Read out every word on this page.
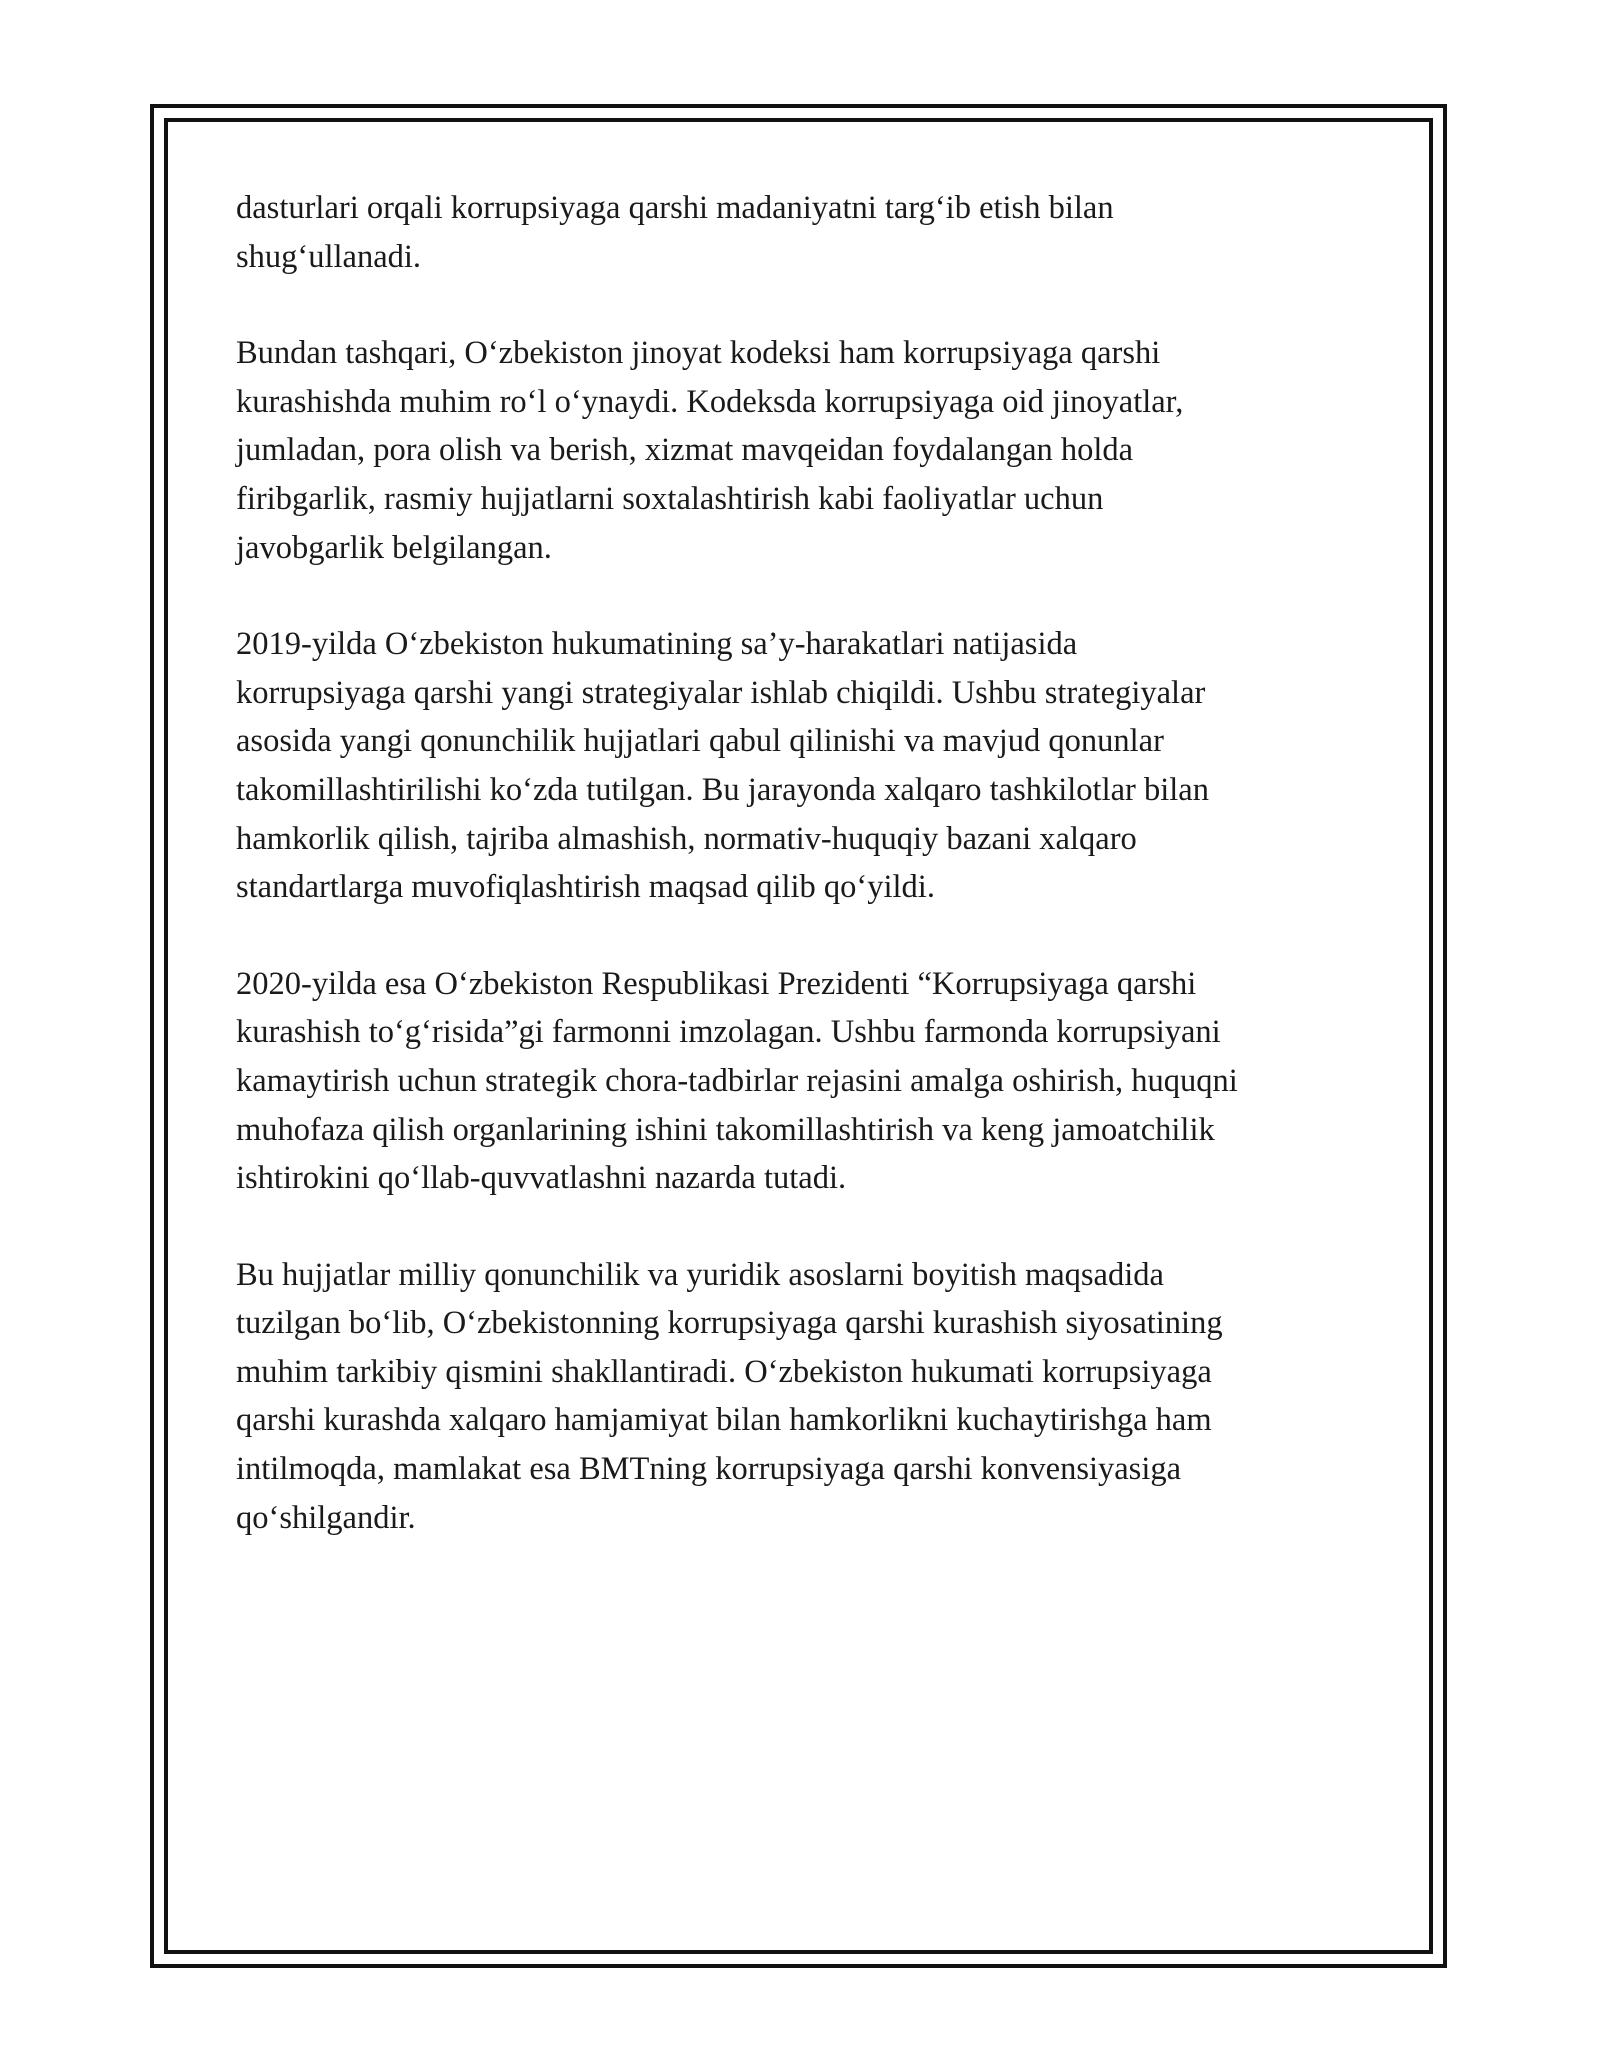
dasturlari orqali korrupsiyaga qarshi madaniyatni targ‘ib etish bilan
shug‘ullanadi.

Bundan tashqari, O‘zbekiston jinoyat kodeksi ham korrupsiyaga qarshi
kurashishda muhim ro‘l o‘ynaydi. Kodeksda korrupsiyaga oid jinoyatlar,
jumladan, pora olish va berish, xizmat mavqeidan foydalangan holda
firibgarlik, rasmiy hujjatlarni soxtalashtirish kabi faoliyatlar uchun
javobgarlik belgilangan.

2019-yilda O‘zbekiston hukumatining sa’y-harakatlari natijasida
korrupsiyaga qarshi yangi strategiyalar ishlab chiqildi. Ushbu strategiyalar
asosida yangi qonunchilik hujjatlari qabul qilinishi va mavjud qonunlar
takomillashtirilishi ko‘zda tutilgan. Bu jarayonda xalqaro tashkilotlar bilan
hamkorlik qilish, tajriba almashish, normativ-huquqiy bazani xalqaro
standartlarga muvofiqlashtirish maqsad qilib qo‘yildi.

2020-yilda esa O‘zbekiston Respublikasi Prezidenti “Korrupsiyaga qarshi
kurashish to‘g‘risida”gi farmonni imzolagan. Ushbu farmonda korrupsiyani
kamaytirish uchun strategik chora-tadbirlar rejasini amalga oshirish, huquqni
muhofaza qilish organlarining ishini takomillashtirish va keng jamoatchilik
ishtirokini qo‘llab-quvvatlashni nazarda tutadi.

Bu hujjatlar milliy qonunchilik va yuridik asoslarni boyitish maqsadida
tuzilgan bo‘lib, O‘zbekistonning korrupsiyaga qarshi kurashish siyosatining
muhim tarkibiy qismini shakllantiradi. O‘zbekiston hukumati korrupsiyaga
qarshi kurashda xalqaro hamjamiyat bilan hamkorlikni kuchaytirishga ham
intilmoqda, mamlakat esa BMTning korrupsiyaga qarshi konvensiyasiga
qo‘shilgandir.
